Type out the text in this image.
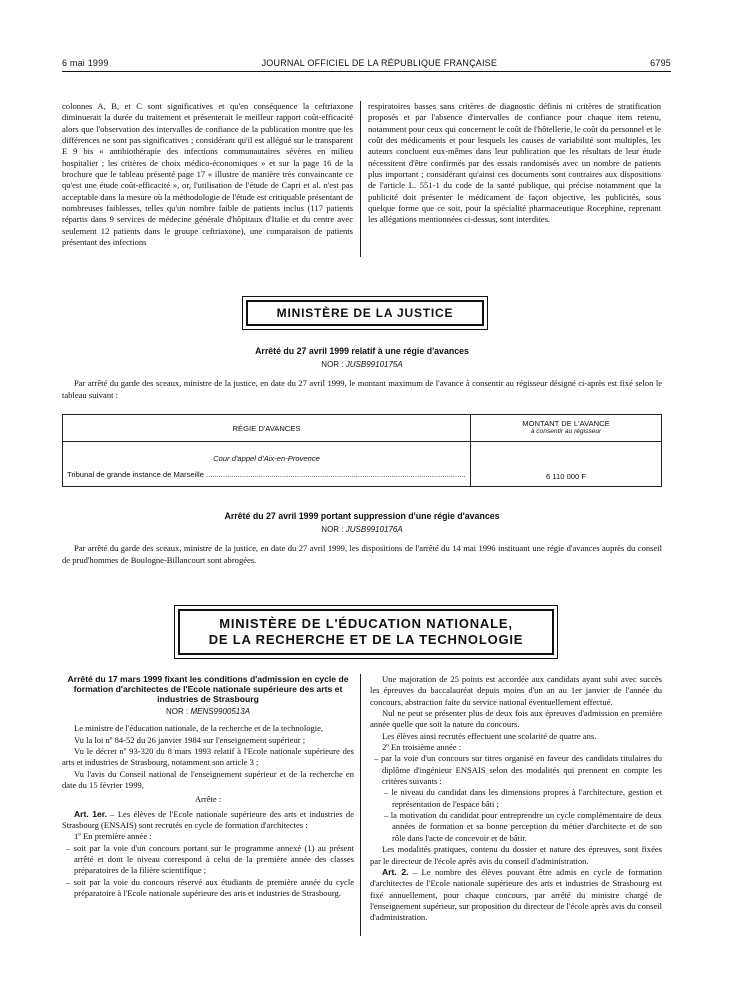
6 mai 1999	JOURNAL OFFICIEL DE LA RÉPUBLIQUE FRANÇAISE	6795

colonnes A, B, et C sont significatives et qu'en conséquence la ceftriaxone diminuerait la durée du traitement et présenterait le meilleur rapport coût-efficacité alors que l'observation des intervalles de confiance de la publication montre que les différences ne sont pas significatives ; considérant qu'il est allégué sur le transparent E 9 bis « antibiothérapie des infections communautaires sévères en milieu hospitalier ; les critères de choix médico-économiques » et sur la page 16 de la brochure que le tableau présenté page 17 « illustre de manière très convaincante ce qu'est une étude coût-efficacité », or, l'utilisation de l'étude de Capri et al. n'est pas acceptable dans la mesure où la méthodologie de l'étude est critiquable présentant de nombreuses faiblesses, telles qu'un nombre faible de patients inclus (117 patients répartis dans 9 services de médecine générale d'hôpitaux d'Italie et du centre avec seulement 12 patients dans le groupe ceftriaxone), une comparaison de patients présentant des infections

respiratoires basses sans critères de diagnostic définis ni critères de stratification proposés et par l'absence d'intervalles de confiance pour chaque item retenu, notamment pour ceux qui concernent le coût de l'hôtellerie, le coût du personnel et le coût des médicaments et pour lesquels les causes de variabilité sont multiples, les auteurs concluent eux-mêmes dans leur publication que les résultats de leur étude nécessitent d'être confirmés par des essais randomisés avec un nombre de patients plus important ; considérant qu'ainsi ces documents sont contraires aux dispositions de l'article L. 551-1 du code de la santé publique, qui précise notamment que la publicité doit présenter le médicament de façon objective, les publicités, sous quelque forme que ce soit, pour la spécialité pharmaceutique Rocephine, reprenant les allégations mentionnées ci-dessus, sont interdites.

MINISTÈRE DE LA JUSTICE
Arrêté du 27 avril 1999 relatif à une régie d'avances
NOR : JUSB9910175A
Par arrêté du garde des sceaux, ministre de la justice, en date du 27 avril 1999, le montant maximum de l'avance à consentir au régisseur désigné ci-après est fixé selon le tableau suivant :
RÉGIE D'AVANCES	MONTANT DE L'AVANCE
à consentir au régisseur

Cour d'appel d'Aix-en-Provence
Tribunal de grande instance de Marseille .....	6 110 000 F
Arrêté du 27 avril 1999 portant suppression d'une régie d'avances
NOR : JUSB9910176A
Par arrêté du garde des sceaux, ministre de la justice, en date du 27 avril 1999, les dispositions de l'arrêté du 14 mai 1996 instituant une régie d'avances auprès du conseil de prud'hommes de Boulogne-Billancourt sont abrogées.
MINISTÈRE DE L'ÉDUCATION NATIONALE,
DE LA RECHERCHE ET DE LA TECHNOLOGIE

Arrêté du 17 mars 1999 fixant les conditions d'admission en cycle de formation d'architectes de l'Ecole nationale supérieure des arts et industries de Strasbourg

NOR : MENS9900513A

Le ministre de l'éducation nationale, de la recherche et de la technologie,

Vu la loi nº 84-52 du 26 janvier 1984 sur l'enseignement supérieur ;

Vu le décret nº 93-320 du 8 mars 1993 relatif à l'Ecole nationale supérieure des arts et industries de Strasbourg, notamment son article 3 ;

Vu l'avis du Conseil national de l'enseignement supérieur et de la recherche en date du 15 février 1999,

Arrête :

Art. 1er. – Les élèves de l'Ecole nationale supérieure des arts et industries de Strasbourg (ENSAIS) sont recrutés en cycle de formation d'architectes :

1º En première année :

– soit par la voie d'un concours portant sur le programme annexé (1) au présent arrêté et dont le niveau correspond à celui de la première année des classes préparatoires de la filière scientifique ;

– soit par la voie du concours réservé aux étudiants de première année du cycle préparatoire à l'Ecole nationale supérieure des arts et industries de Strasbourg.

Une majoration de 25 points est accordée aux candidats ayant subi avec succès les épreuves du baccalauréat depuis moins d'un an au 1er janvier de l'année du concours, abstraction faite du service national éventuellement effectué.

Nul ne peut se présenter plus de deux fois aux épreuves d'admission en première année quelle que soit la nature du concours.

Les élèves ainsi recrutés effectuent une scolarité de quatre ans.

2º En troisième année :

– par la voie d'un concours sur titres organisé en faveur des candidats titulaires du diplôme d'ingénieur ENSAIS selon des modalités qui prennent en compte les critères suivants :

– le niveau du candidat dans les dimensions propres à l'architecture, gestion et représentation de l'espace bâti ;

– la motivation du candidat pour entreprendre un cycle complémentaire de deux années de formation et sa bonne perception du métier d'architecte et de son rôle dans l'acte de concevoir et de bâtir.

Les modalités pratiques, contenu du dossier et nature des épreuves, sont fixées par le directeur de l'école après avis du conseil d'administration.

Art. 2. – Le nombre des élèves pouvant être admis en cycle de formation d'architectes de l'Ecole nationale supérieure des arts et industries de Strasbourg est fixé annuellement, pour chaque concours, par arrêté du ministre chargé de l'enseignement supérieur, sur proposition du directeur de l'école après avis du conseil d'administration.
